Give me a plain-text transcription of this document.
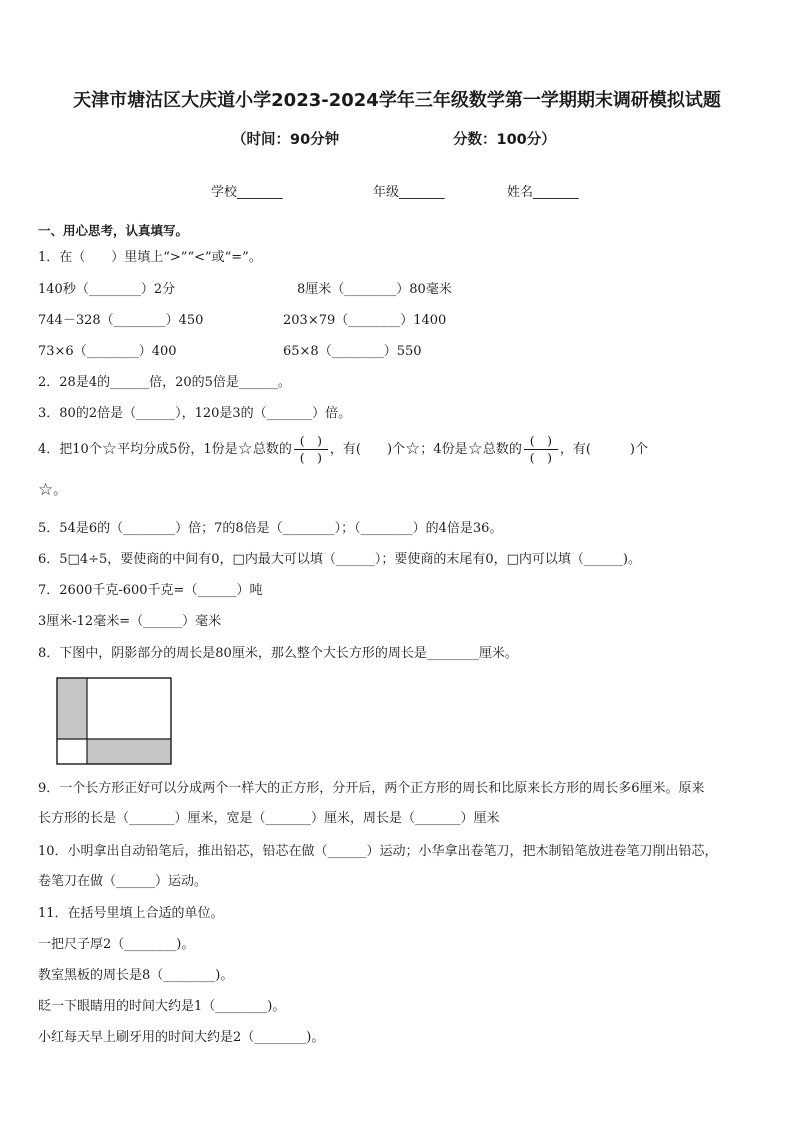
天津市塘沽区大庆道小学2023-2024学年三年级数学第一学期期末调研模拟试题
（时间：90分钟	分数：100分）
学校_______	年级_______	姓名_______
一、用心思考，认真填写。
1．在（　　）里填上“>”“<”或“=”。
140秒（________）2分	8厘米（________）80毫米
744－328（________）450	203×79（________）1400
73×6（________）400	65×8（________）550
2．28是4的______倍，20的5倍是______。
3．80的2倍是（______），120是3的（_______）倍。
4．把10个☆平均分成5份，1份是☆总数的 $\frac{( )}{( )}$ ，有(　　)个☆；4份是☆总数的 $\frac{( )}{( )}$ ，有(　　　)个
☆。
5．54是6的（________）倍；7的8倍是（________）；（________）的4倍是36。
6．5□4÷5，要使商的中间有0，□内最大可以填（______）；要使商的末尾有0，□内可以填（______)。
7．2600千克-600千克=（______）吨
3厘米-12毫米=（______）毫米
8．下图中，阴影部分的周长是80厘米，那么整个大长方形的周长是________厘米。
9．一个长方形正好可以分成两个一样大的正方形，分开后，两个正方形的周长和比原来长方形的周长多6厘米。原来
长方形的长是（_______）厘米，宽是（_______）厘米，周长是（_______）厘米
10．小明拿出自动铅笔后，推出铅芯，铅芯在做（______）运动；小华拿出卷笔刀，把木制铅笔放进卷笔刀削出铅芯，
卷笔刀在做（______）运动。
11．在括号里填上合适的单位。
一把尺子厚2（________)。
教室黑板的周长是8（________)。
眨一下眼睛用的时间大约是1（________)。
小红每天早上刷牙用的时间大约是2（________)。
